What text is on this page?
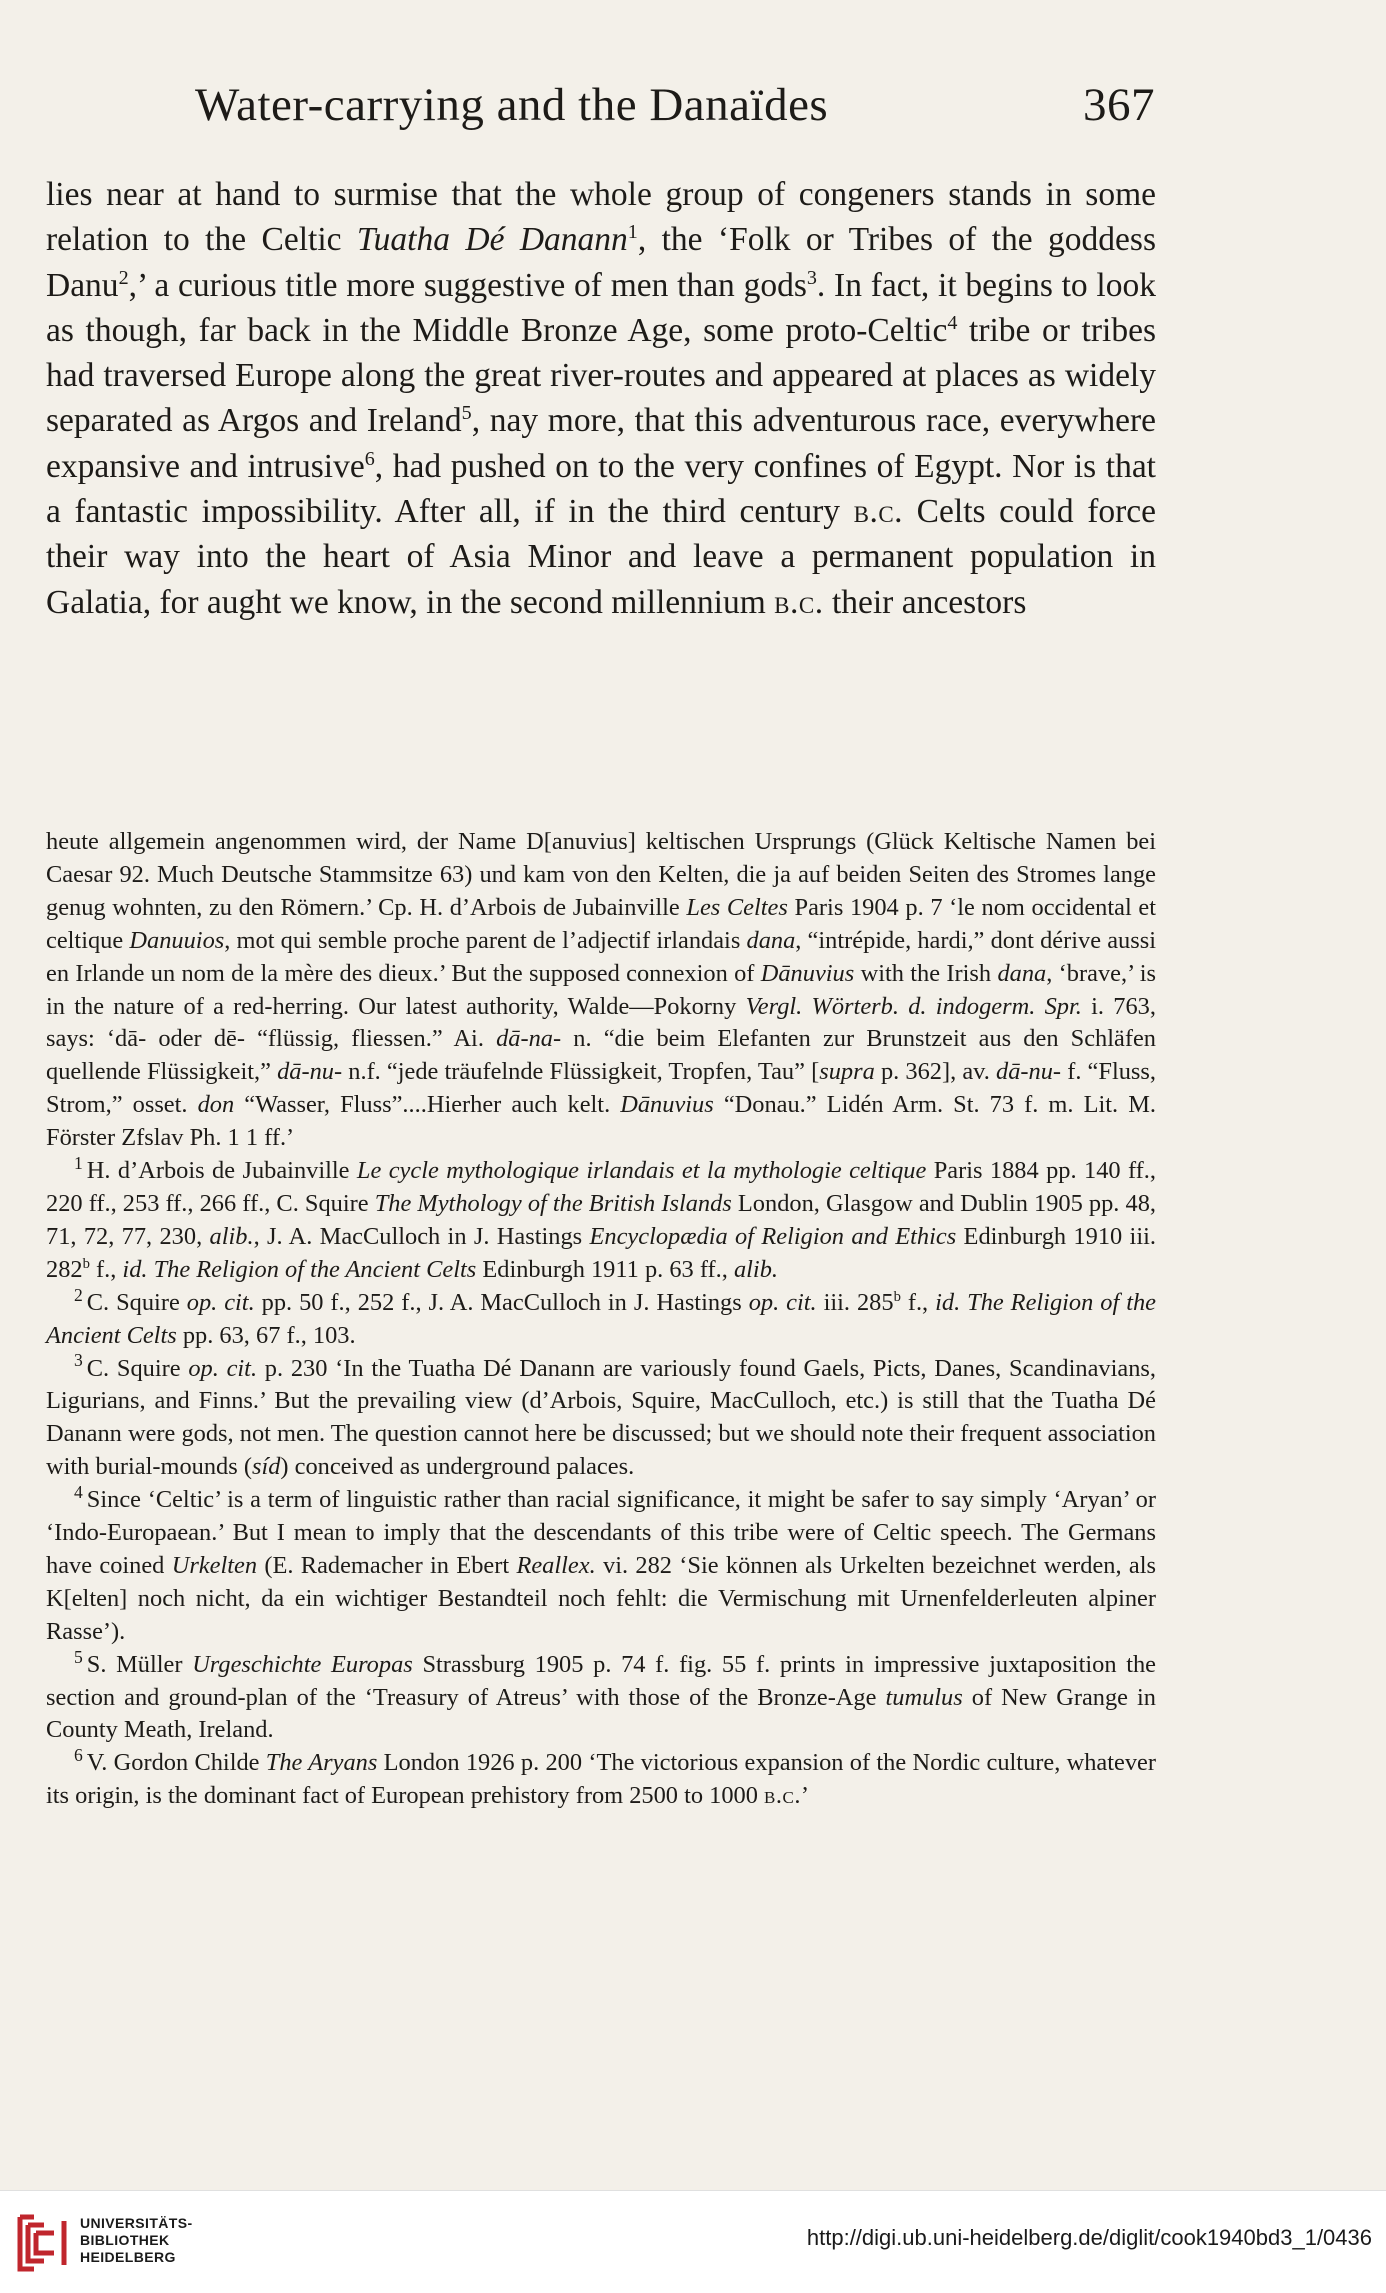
Water-carrying and the Danaïdes	367

lies near at hand to surmise that the whole group of congeners stands in some relation to the Celtic Tuatha Dé Danann$^1$, the ‘Folk or Tribes of the goddess Danu$^2$,’ a curious title more suggestive of men than gods$^3$. In fact, it begins to look as though, far back in the Middle Bronze Age, some proto-Celtic$^4$ tribe or tribes had traversed Europe along the great river-routes and appeared at places as widely separated as Argos and Ireland$^5$, nay more, that this adventurous race, everywhere expansive and intrusive$^6$, had pushed on to the very confines of Egypt. Nor is that a fantastic impossibility. After all, if in the third century b.c. Celts could force their way into the heart of Asia Minor and leave a permanent population in Galatia, for aught we know, in the second millennium b.c. their ancestors

heute allgemein angenommen wird, der Name D[anuvius] keltischen Ursprungs (Glück Keltische Namen bei Caesar 92. Much Deutsche Stammsitze 63) und kam von den Kelten, die ja auf beiden Seiten des Stromes lange genug wohnten, zu den Römern.’ Cp. H. d’Arbois de Jubainville Les Celtes Paris 1904 p. 7 ‘le nom occidental et celtique Danuuios, mot qui semble proche parent de l’adjectif irlandais dana, “intrépide, hardi,” dont dérive aussi en Irlande un nom de la mère des dieux.’ But the supposed connexion of Dānuvius with the Irish dana, ‘brave,’ is in the nature of a red-herring. Our latest authority, Walde—Pokorny Vergl. Wörterb. d. indogerm. Spr. i. 763, says: ‘dā- oder dē- “flüssig, fliessen.” Ai. dā-na- n. “die beim Elefanten zur Brunstzeit aus den Schläfen quellende Flüssigkeit,” dā-nu- n.f. “jede träufelnde Flüssigkeit, Tropfen, Tau” [supra p. 362], av. dā-nu- f. “Fluss, Strom,” osset. don “Wasser, Fluss”....Hierher auch kelt. Dānuvius “Donau.” Lidén Arm. St. 73 f. m. Lit. M. Förster Zfslav Ph. 1 1 ff.’

$^1$ H. d’Arbois de Jubainville Le cycle mythologique irlandais et la mythologie celtique Paris 1884 pp. 140 ff., 220 ff., 253 ff., 266 ff., C. Squire The Mythology of the British Islands London, Glasgow and Dublin 1905 pp. 48, 71, 72, 77, 230, alib., J. A. MacCulloch in J. Hastings Encyclopædia of Religion and Ethics Edinburgh 1910 iii. 282$^b$ f., id. The Religion of the Ancient Celts Edinburgh 1911 p. 63 ff., alib.

$^2$ C. Squire op. cit. pp. 50 f., 252 f., J. A. MacCulloch in J. Hastings op. cit. iii. 285$^b$ f., id. The Religion of the Ancient Celts pp. 63, 67 f., 103.

$^3$ C. Squire op. cit. p. 230 ‘In the Tuatha Dé Danann are variously found Gaels, Picts, Danes, Scandinavians, Ligurians, and Finns.’ But the prevailing view (d’Arbois, Squire, MacCulloch, etc.) is still that the Tuatha Dé Danann were gods, not men. The question cannot here be discussed; but we should note their frequent association with burial-mounds (síd) conceived as underground palaces.

$^4$ Since ‘Celtic’ is a term of linguistic rather than racial significance, it might be safer to say simply ‘Aryan’ or ‘Indo-Europaean.’ But I mean to imply that the descendants of this tribe were of Celtic speech. The Germans have coined Urkelten (E. Rademacher in Ebert Reallex. vi. 282 ‘Sie können als Urkelten bezeichnet werden, als K[elten] noch nicht, da ein wichtiger Bestandteil noch fehlt: die Vermischung mit Urnenfelderleuten alpiner Rasse’).

$^5$ S. Müller Urgeschichte Europas Strassburg 1905 p. 74 f. fig. 55 f. prints in impressive juxtaposition the section and ground-plan of the ‘Treasury of Atreus’ with those of the Bronze-Age tumulus of New Grange in County Meath, Ireland.

$^6$ V. Gordon Childe The Aryans London 1926 p. 200 ‘The victorious expansion of the Nordic culture, whatever its origin, is the dominant fact of European prehistory from 2500 to 1000 b.c.’

UNIVERSITÄTS-
BIBLIOTHEK
HEIDELBERG
http://digi.ub.uni-heidelberg.de/diglit/cook1940bd3_1/0436
